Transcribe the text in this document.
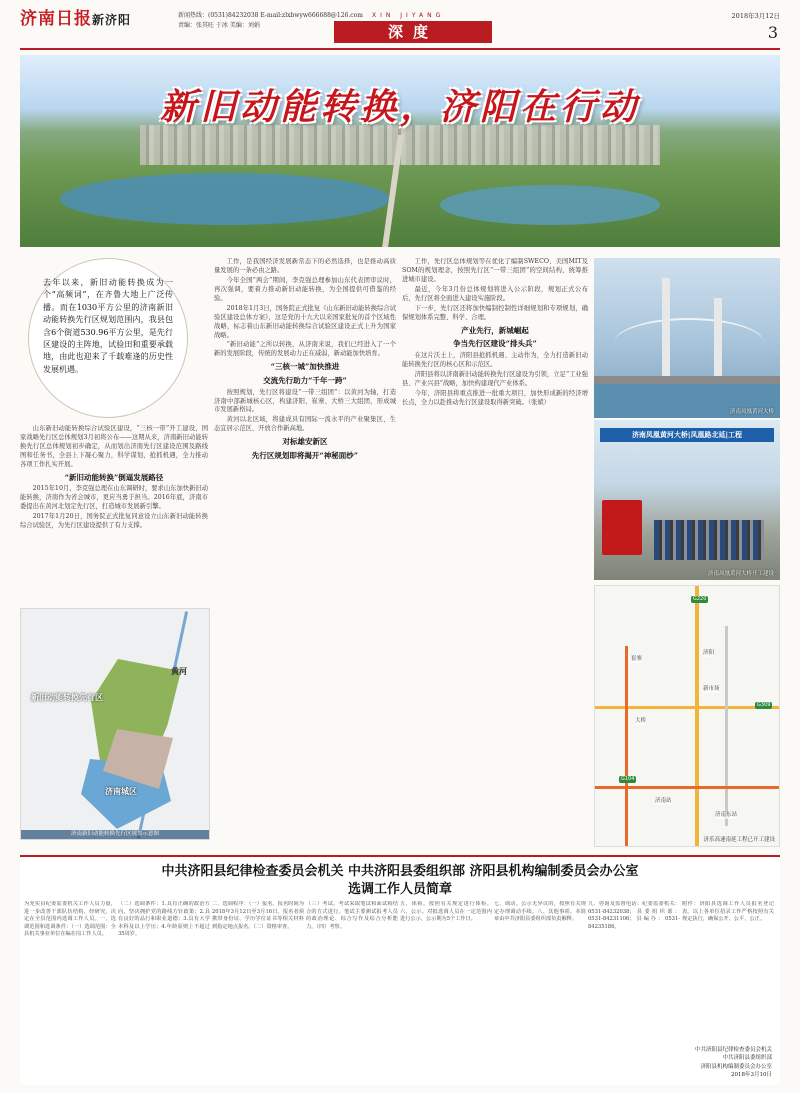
济南日报新济阳	新闻热线：(0531)84232038 E-mail:zlxbwyw666688@126.com
责编：张其旺 于冰 美编：刘娟
XIN JIYANG
深度
2018年3月12日
3
新旧动能转换，济阳在行动
去年以来，新旧动能转换成为一个“高频词”，在齐鲁大地上广泛传播。而在1030平方公里的济南新旧动能转换先行区规划范围内，我县包含6个街道530.96平方公里，是先行区建设的主阵地，试验田和重要承载地，由此也迎来了千载难逢的历史性发展机遇。

山东新旧动能转换综合试验区建设，“三核一带”开工建设，国家战略先行区总体规划3月初将公布——这期从来，济南新旧动能转换先行区总体规划初步确定，从而划出济南先行区建设范围及路线图和任务书，全县上下凝心聚力，科学谋划，抢抓机遇，全力推动各项工作扎实开展。

“新旧动能转换”倒逼发展路径

2015年10月，李克强总理在山东调研时，要求山东加快新旧动能转换，济南作为省会城市，更应当勇于担当。2016年底，济南市委提出在黄河北划定先行区，打造城市发展新引擎。

2017年1月20日，国务院正式批复同意设立山东新旧动能转换综合试验区，为先行区建设提供了有力支撑。

新旧动能转换先行区
济南城区
黄河
济南新旧动能转换先行区规划示意图

工作，是我国经济发展新常态下的必然选择，也是推动高质量发展的一条必由之路。

今年全国“两会”期间，李克强总理参加山东代表团审议时，再次强调，要着力推动新旧动能转换，为全国提供可借鉴的经验。

2018年1月3日，国务院正式批复《山东新旧动能转换综合试验区建设总体方案》，这是党的十九大以来国家批复的首个区域性战略，标志着山东新旧动能转换综合试验区建设正式上升为国家战略。

“新旧动能”之所以转换，从济南来说，我们已经进入了一个新的发展阶段，传统的发展动力正在减弱，新动能加快培育。

“三核一城”加快推进
交流先行助力“千年一跨”

按照规划，先行区将建设“一带三组团”：以黄河为轴，打造济南中部新城核心区，构建济阳、崔寨、大桥三大组团，形成城市发展新格局。

黄河以北区域，将建成具有国际一流水平的产业聚集区、生态宜居示范区、开放合作新高地。

对标雄安新区
先行区规划即将揭开“神秘面纱”

工作，先行区总体规划等在优化了编制SWECO、美国MIT及SOM的规划理念，按照先行区“一带三组团”的空间结构，统筹推进城市建设。

最近，今年3月份总体规划将进入公示阶段，规划正式公布后，先行区将全面进入建设实施阶段。

下一步，先行区还将加快编制控制性详细规划和专项规划，确保规划体系完整、科学、合理。

产业先行，新城崛起
争当先行区建设“排头兵”

在这片沃土上，济阳县抢抓机遇、主动作为，全力打造新旧动能转换先行区的核心区和示范区。

济阳县将以济南新旧动能转换先行区建设为引领，立足“工业强县、产业兴县”战略，加快构建现代产业体系。

今年，济阳县将重点推进一批重大项目，加快形成新的经济增长点，全力以赴推动先行区建设取得新突破。（张斌）

济南凤凰黄河大桥
济南凤凰黄河大桥|凤凰路北延|工程
济南凤凰黄河大桥开工建设
崔寨
济阳
新市场
大桥
济南站
G220
G309
G104
济南东站
济乐高速南延工程已开工建设
中共济阳县纪律检查委员会机关 中共济阳县委组织部 济阳县机构编制委员会办公室
选调工作人员简章
为充实县纪委监委机关工作人员力量，进一步改善干部队伍结构，经研究，决定在全县范围内选调工作人员。一、选调范围和选调条件：（一）选调范围：全县机关事业单位在编在岗工作人员。
（二）选调条件：1.具有正确的政治方向，坚决拥护党的路线方针政策；2.具有良好的品行和职业道德；3.具有大学本科及以上学历；4.年龄原则上不超过35周岁。
二、选调程序：（一）报名。报名时间为2018年3月12日至3月16日。报名者须携带身份证、学历学位证书等相关材料到指定地点报名。（二）资格审查。
（三）考试。考试采取笔试和面试相结合的方式进行。笔试主要测试报考人员的政治理论、综合写作及综合分析能力。（四）考察。
五、体检。按照有关规定进行体检。六、公示。对拟选调人员在一定范围内进行公示，公示期为5个工作日。
七、调动。公示无异议的，按照有关规定办理调动手续。八、其他事项。本简章由中共济阳县委组织部负责解释。
九、咨询及监督电话：纪委监委机关：0531-84232038；县委组织部：0531-84231106；县编办：0531-84235186。
附件：济阳县选调工作人员报名登记表。以上各单位招录工作严格按照有关规定执行，确保公开、公平、公正。
中共济阳县纪律检查委员会机关
中共济阳县委组织部
济阳县机构编制委员会办公室
2018年3月10日
